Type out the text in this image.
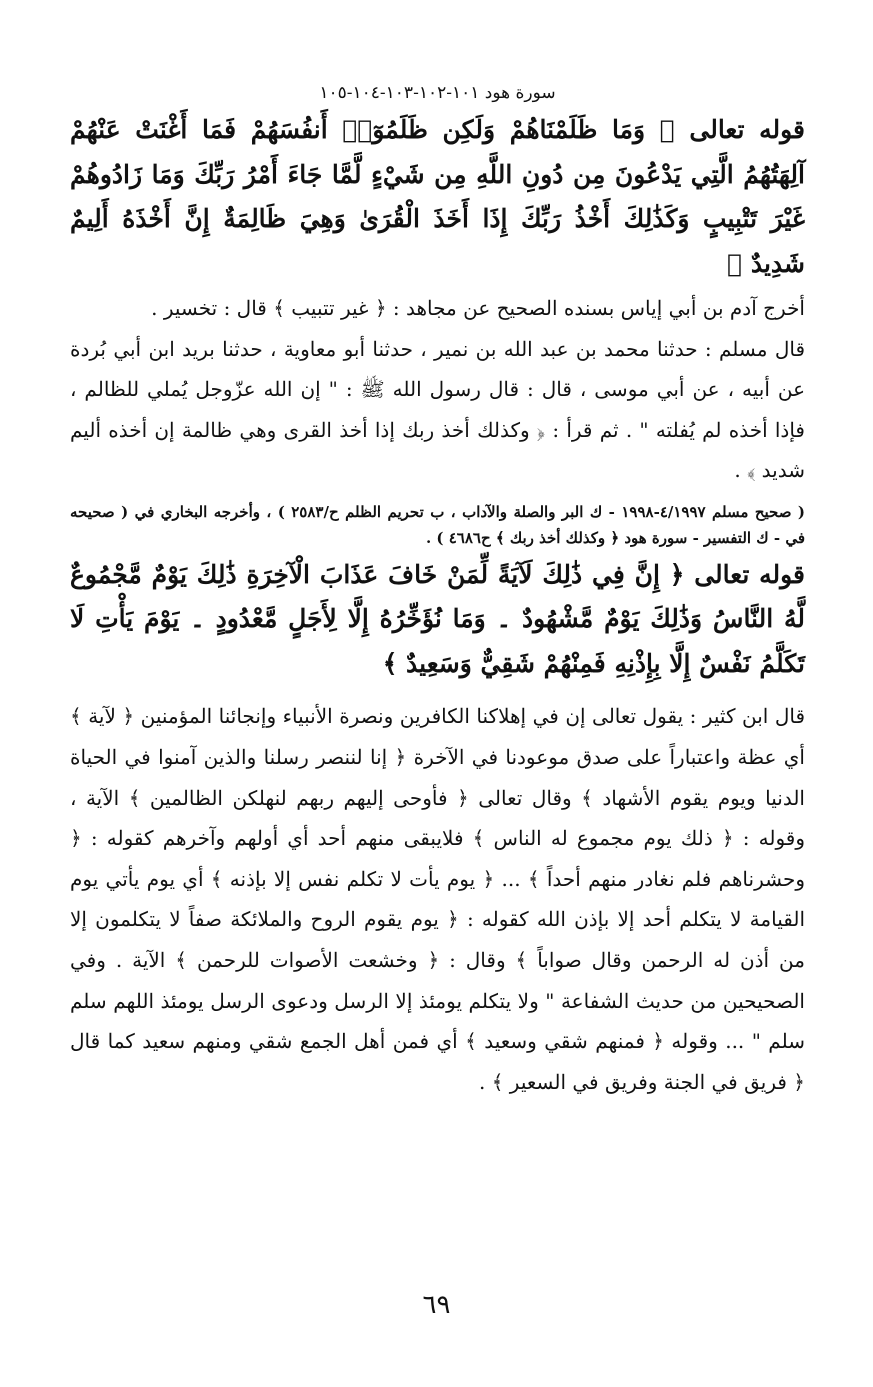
سورة هود ١٠١-١٠٢-١٠٣-١٠٤-١٠٥
قوله تعالى ﴿ وَمَا ظَلَمْنَاهُمْ وَلَكِن ظَلَمُوٓا۟ أَنفُسَهُمْ فَمَا أَغْنَتْ عَنْهُمْ آلِهَتُهُمُ الَّتِي يَدْعُونَ مِن دُونِ اللَّهِ مِن شَيْءٍ لَّمَّا جَاءَ أَمْرُ رَبِّكَ وَمَا زَادُوهُمْ غَيْرَ تَتْبِيبٍ وَكَذَٰلِكَ أَخْذُ رَبِّكَ إِذَا أَخَذَ الْقُرَىٰ وَهِيَ ظَالِمَةٌ إِنَّ أَخْذَهُ أَلِيمٌ شَدِيدٌ ﴾
أخرج آدم بن أبي إياس بسنده الصحيح عن مجاهد : ﴿ غير تتبيب ﴾ قال : تخسير .
قال مسلم : حدثنا محمد بن عبد الله بن نمير ، حدثنا أبو معاوية ، حدثنا بريد ابن أبي بُردة عن أبيه ، عن أبي موسى ، قال : قال رسول الله ﷺ : " إن الله عزّوجل يُملي للظالم ، فإذا أخذه لم يُفلته " . ثم قرأ : ﴿ وكذلك أخذ ربك إذا أخذ القرى وهي ظالمة إن أخذه أليم شديد ﴾ .
( صحيح مسلم ٤/١٩٩٧-١٩٩٨ - ك البر والصلة والآداب ، ب تحريم الظلم ح/٢٥٨٣ ) ، وأخرجه البخاري في ( صحيحه في - ك التفسير - سورة هود ﴿ وكذلك أخذ ربك ﴾ ح٤٦٨٦ ) .
قوله تعالى ﴿ إِنَّ فِي ذَٰلِكَ لَآيَةً لِّمَنْ خَافَ عَذَابَ الْآخِرَةِ ذَٰلِكَ يَوْمٌ مَّجْمُوعٌ لَّهُ النَّاسُ وَذَٰلِكَ يَوْمٌ مَّشْهُودٌ ۔ وَمَا نُؤَخِّرُهُ إِلَّا لِأَجَلٍ مَّعْدُودٍ ۔ يَوْمَ يَأْتِ لَا تَكَلَّمُ نَفْسٌ إِلَّا بِإِذْنِهِ فَمِنْهُمْ شَقِيٌّ وَسَعِيدٌ ﴾
قال ابن كثير : يقول تعالى إن في إهلاكنا الكافرين ونصرة الأنبياء وإنجائنا المؤمنين ﴿ لآية ﴾ أي عظة واعتباراً على صدق موعودنا في الآخرة ﴿ إنا لننصر رسلنا والذين آمنوا في الحياة الدنيا ويوم يقوم الأشهاد ﴾ وقال تعالى ﴿ فأوحى إليهم ربهم لنهلكن الظالمين ﴾ الآية ، وقوله : ﴿ ذلك يوم مجموع له الناس ﴾ فلايبقى منهم أحد أي أولهم وآخرهم كقوله : ﴿ وحشرناهم فلم نغادر منهم أحداً ﴾ ... ﴿ يوم يأت لا تكلم نفس إلا بإذنه ﴾ أي يوم يأتي يوم القيامة لا يتكلم أحد إلا بإذن الله كقوله : ﴿ يوم يقوم الروح والملائكة صفاً لا يتكلمون إلا من أذن له الرحمن وقال صواباً ﴾ وقال : ﴿ وخشعت الأصوات للرحمن ﴾ الآية . وفي الصحيحين من حديث الشفاعة " ولا يتكلم يومئذ إلا الرسل ودعوى الرسل يومئذ اللهم سلم سلم " ... وقوله ﴿ فمنهم شقي وسعيد ﴾ أي فمن أهل الجمع شقي ومنهم سعيد كما قال ﴿ فريق في الجنة وفريق في السعير ﴾ .
٦٩
